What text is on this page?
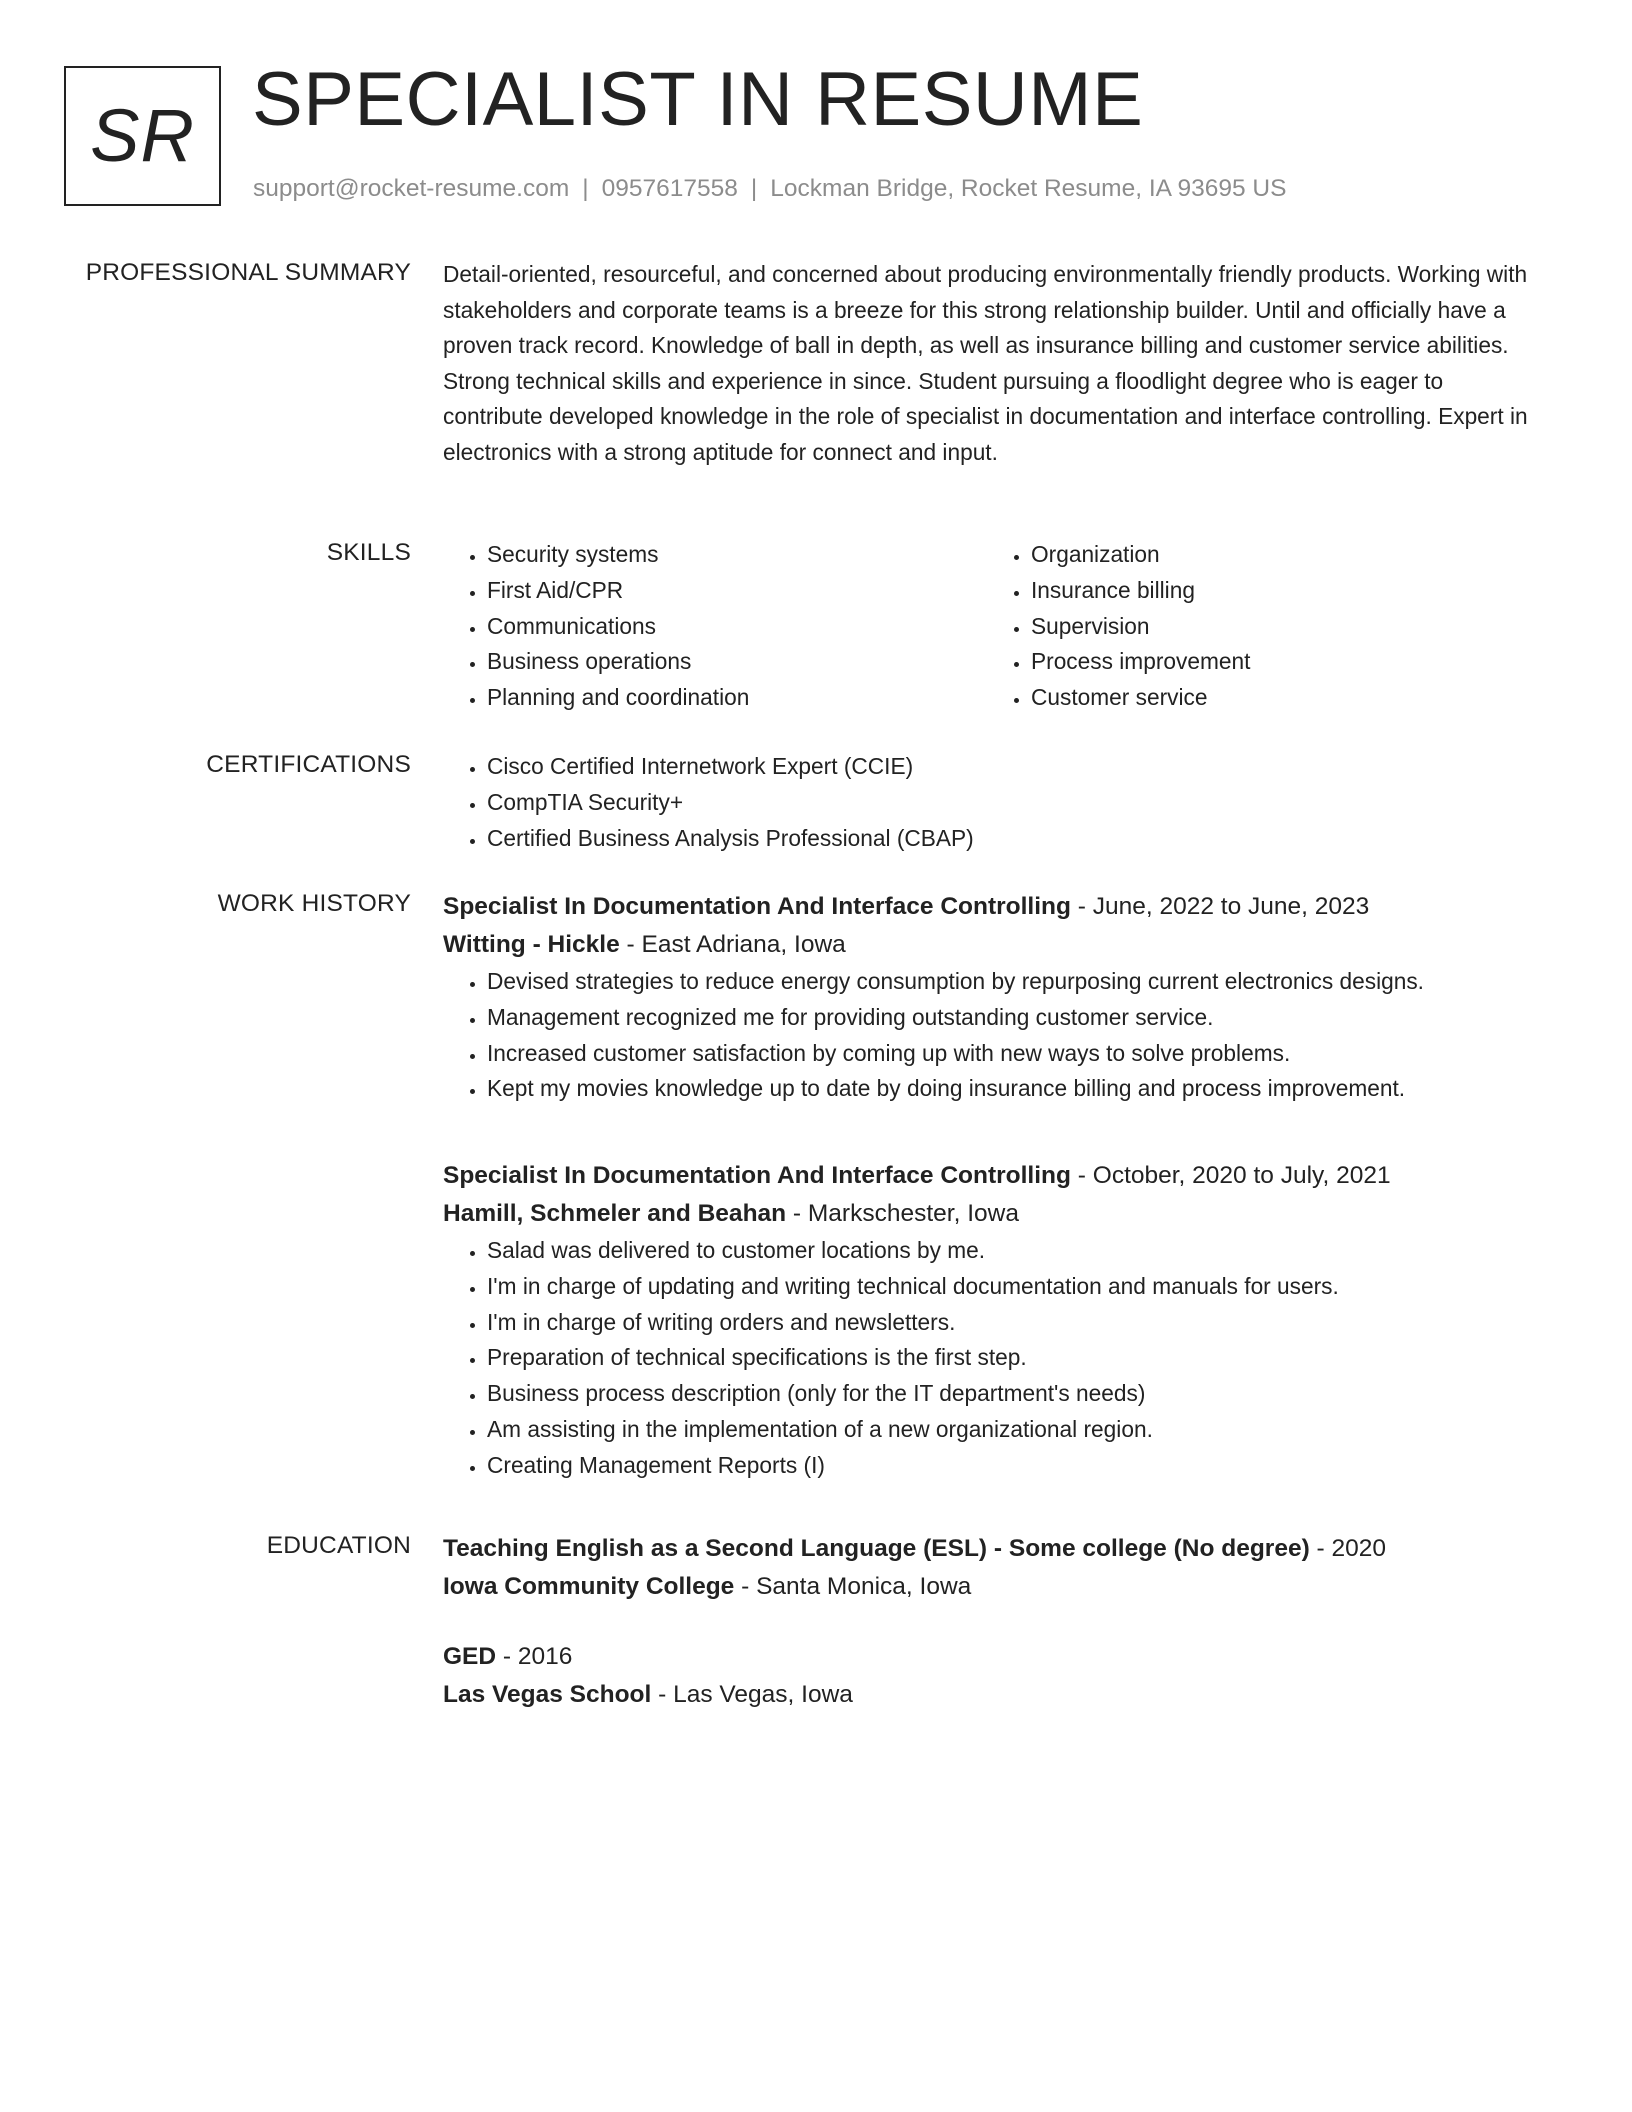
SR SPECIALIST IN RESUME
support@rocket-resume.com | 0957617558 | Lockman Bridge, Rocket Resume, IA 93695 US
PROFESSIONAL SUMMARY Detail-oriented, resourceful, and concerned about producing environmentally friendly products. Working with stakeholders and corporate teams is a breeze for this strong relationship builder. Until and officially have a proven track record. Knowledge of ball in depth, as well as insurance billing and customer service abilities. Strong technical skills and experience in since. Student pursuing a floodlight degree who is eager to contribute developed knowledge in the role of specialist in documentation and interface controlling. Expert in electronics with a strong aptitude for connect and input.

SKILLS	• Security systems
• First Aid/CPR
• Communications
• Business operations
• Planning and coordination
• Organization
• Insurance billing
• Supervision
• Process improvement
• Customer service
CERTIFICATIONS	• Cisco Certified Internetwork Expert (CCIE)
• CompTIA Security+
• Certified Business Analysis Professional (CBAP)
WORK HISTORY Specialist In Documentation And Interface Controlling - June, 2022 to June, 2023
Witting - Hickle - East Adriana, Iowa
• Devised strategies to reduce energy consumption by repurposing current electronics designs.
• Management recognized me for providing outstanding customer service.
• Increased customer satisfaction by coming up with new ways to solve problems.
• Kept my movies knowledge up to date by doing insurance billing and process improvement.
Specialist In Documentation And Interface Controlling - October, 2020 to July, 2021
Hamill, Schmeler and Beahan - Markschester, Iowa
• Salad was delivered to customer locations by me.
• I'm in charge of updating and writing technical documentation and manuals for users.
• I'm in charge of writing orders and newsletters.
• Preparation of technical specifications is the first step.
• Business process description (only for the IT department's needs)
• Am assisting in the implementation of a new organizational region.
• Creating Management Reports (I)
EDUCATION Teaching English as a Second Language (ESL) - Some college (No degree) - 2020
Iowa Community College - Santa Monica, Iowa
GED - 2016
Las Vegas School - Las Vegas, Iowa
